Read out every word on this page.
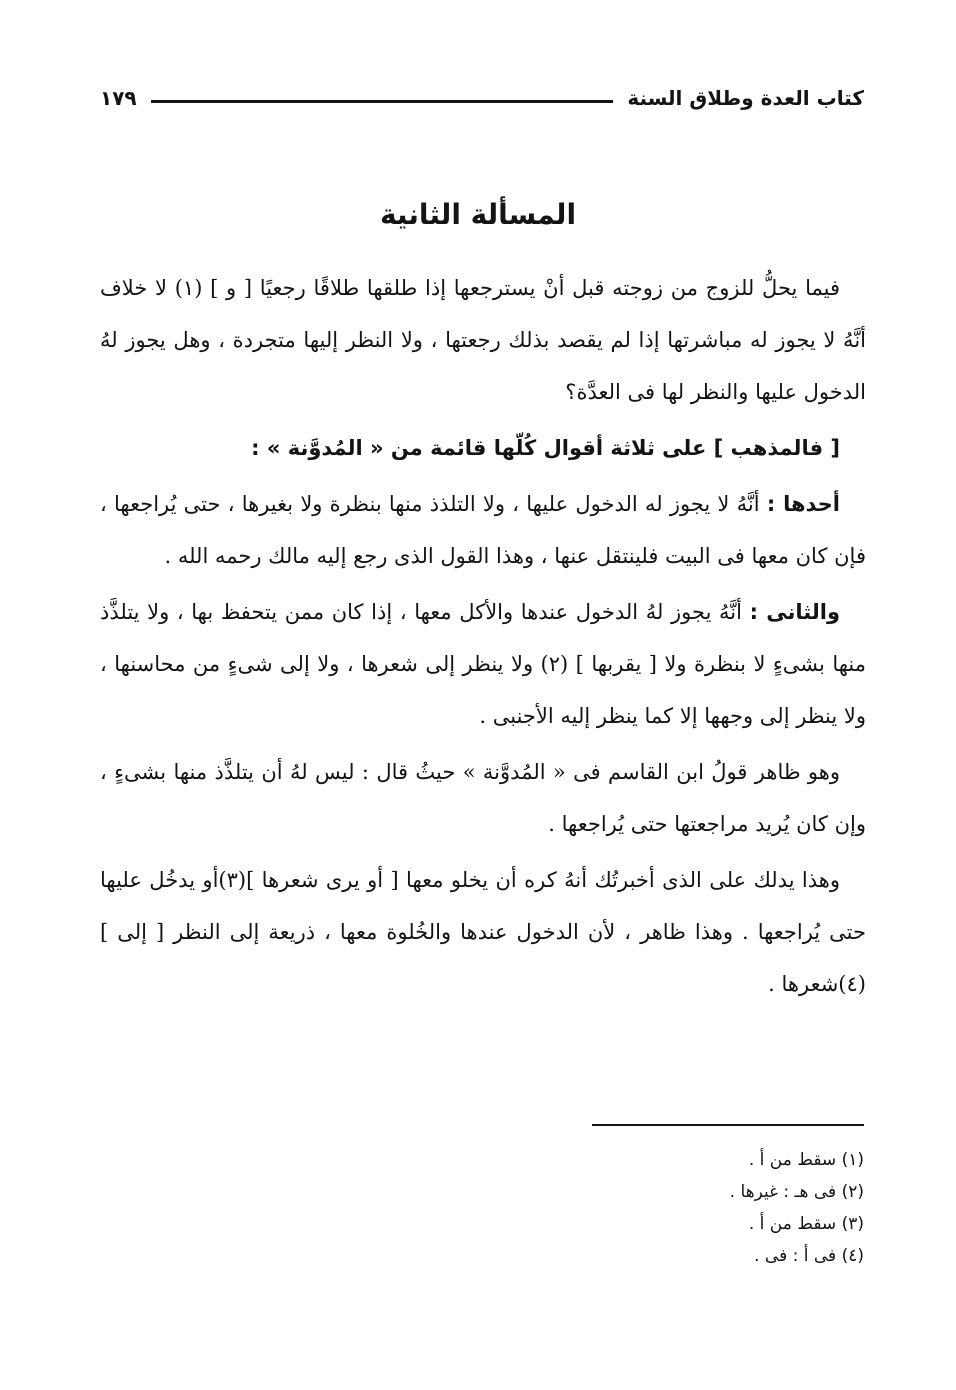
كتاب العدة وطلاق السنة
١٧٩
المسألة الثانية

فيما يحلُّ للزوج من زوجته قبل أنْ يسترجعها إذا طلقها طلاقًا رجعيًا [ و ] (١) لا خلاف أنَّهُ لا يجوز له مباشرتها إذا لم يقصد بذلك رجعتها ، ولا النظر إليها متجردة ، وهل يجوز لهُ الدخول عليها والنظر لها فى العدَّة؟

[ فالمذهب ] على ثلاثة أقوال كُلّها قائمة من « المُدوَّنة » :

أحدها : أنَّهُ لا يجوز له الدخول عليها ، ولا التلذذ منها بنظرة ولا بغيرها ، حتى يُراجعها ، فإن كان معها فى البيت فلينتقل عنها ، وهذا القول الذى رجع إليه مالك رحمه الله .

والثانى : أنَّهُ يجوز لهُ الدخول عندها والأكل معها ، إذا كان ممن يتحفظ بها ، ولا يتلذَّذ منها بشىءٍ لا بنظرة ولا [ يقربها ] (٢) ولا ينظر إلى شعرها ، ولا إلى شىءٍ من محاسنها ، ولا ينظر إلى وجهها إلا كما ينظر إليه الأجنبى .

وهو ظاهر قولُ ابن القاسم فى « المُدوَّنة » حيثُ قال : ليس لهُ أن يتلذَّذ منها بشىءٍ ، وإن كان يُريد مراجعتها حتى يُراجعها .

وهذا يدلك على الذى أخبرتُك أنهُ كره أن يخلو معها [ أو يرى شعرها ](٣)أو يدخُل عليها حتى يُراجعها . وهذا ظاهر ، لأن الدخول عندها والخُلوة معها ، ذريعة إلى النظر [ إلى ] (٤)شعرها .

(١) سقط من أ .

(٢) فى هـ : غيرها .

(٣) سقط من أ .

(٤) فى أ : فى .
